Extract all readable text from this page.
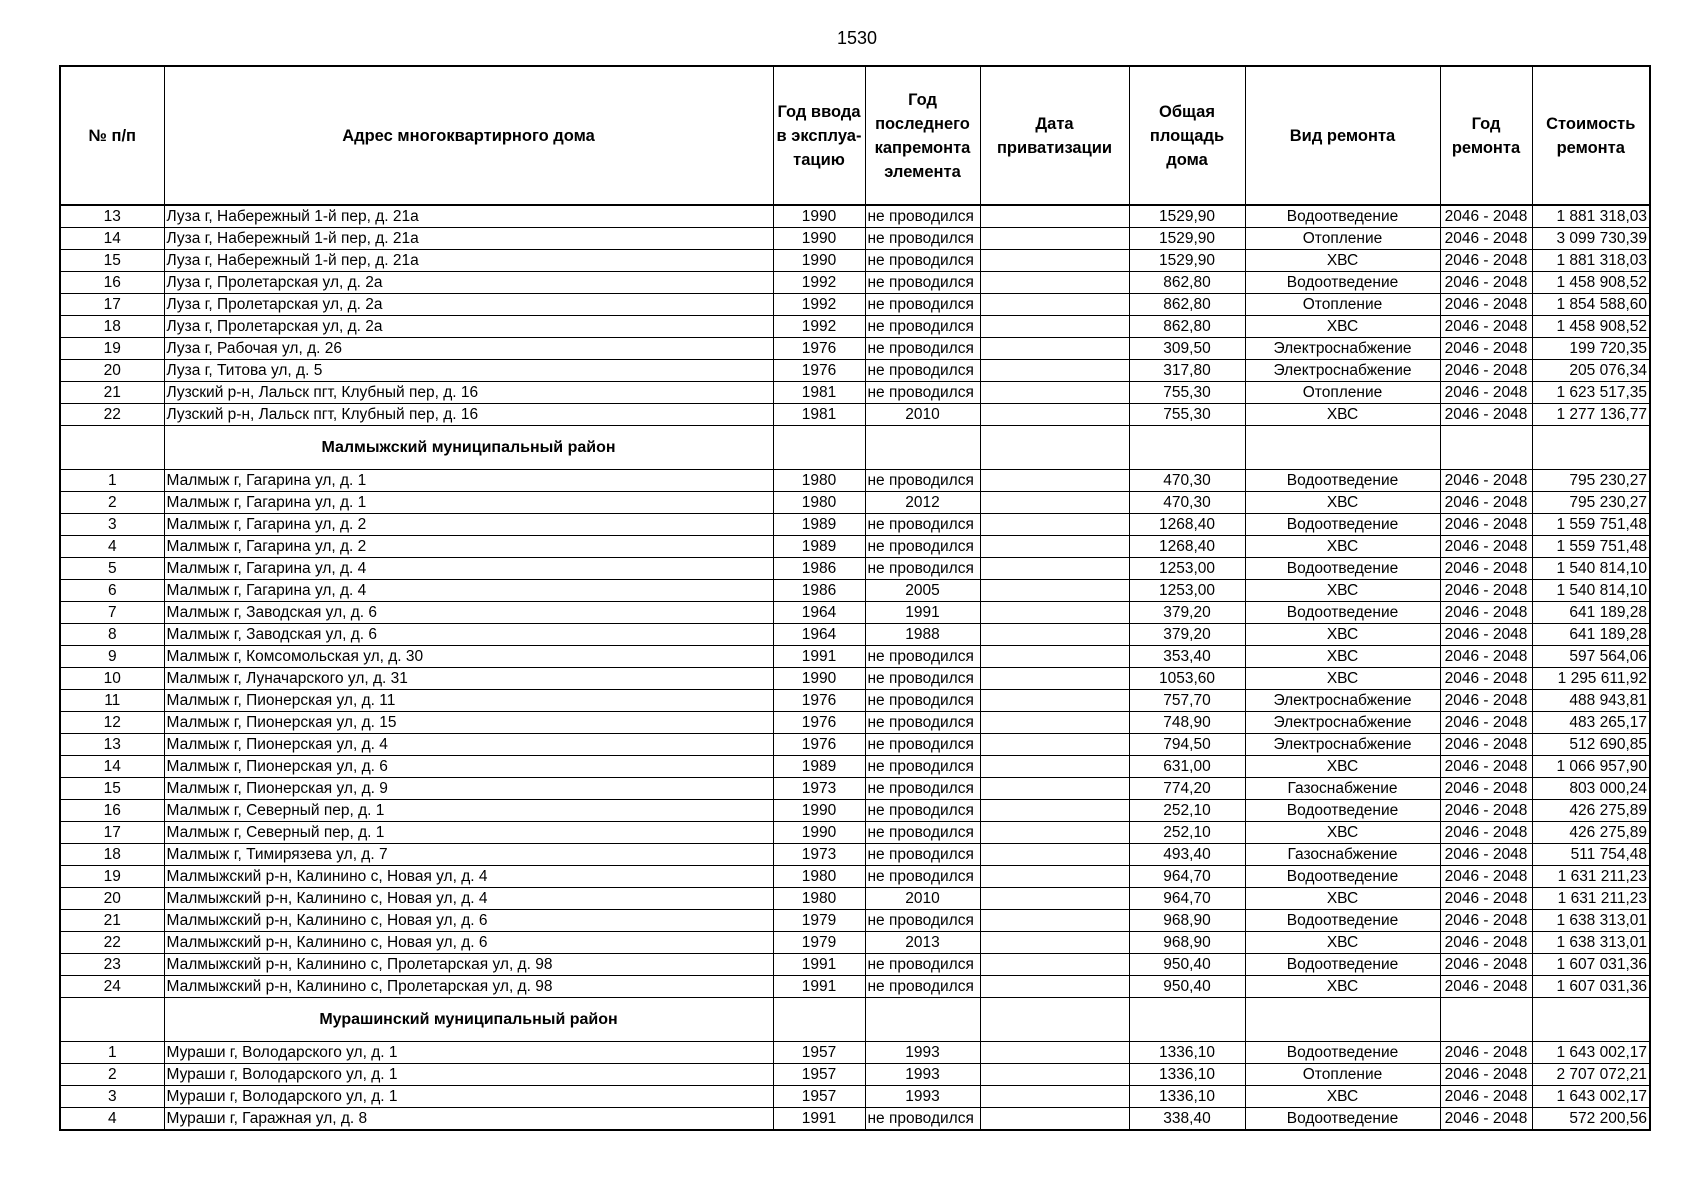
1530
№ п/п	Адрес многоквартирного дома	Год ввода в эксплуа-тацию	Год последнего капремонта элемента	Дата приватизации	Общая площадь дома	Вид ремонта	Год ремонта	Стоимость ремонта
13	Луза г, Набережный 1-й пер, д. 21а	1990	не проводился		1529,90	Водоотведение	2046 - 2048	1 881 318,03
14	Луза г, Набережный 1-й пер, д. 21а	1990	не проводился		1529,90	Отопление	2046 - 2048	3 099 730,39
15	Луза г, Набережный 1-й пер, д. 21а	1990	не проводился		1529,90	ХВС	2046 - 2048	1 881 318,03
16	Луза г, Пролетарская ул, д. 2а	1992	не проводился		862,80	Водоотведение	2046 - 2048	1 458 908,52
17	Луза г, Пролетарская ул, д. 2а	1992	не проводился		862,80	Отопление	2046 - 2048	1 854 588,60
18	Луза г, Пролетарская ул, д. 2а	1992	не проводился		862,80	ХВС	2046 - 2048	1 458 908,52
19	Луза г, Рабочая ул, д. 26	1976	не проводился		309,50	Электроснабжение	2046 - 2048	199 720,35
20	Луза г, Титова ул, д. 5	1976	не проводился		317,80	Электроснабжение	2046 - 2048	205 076,34
21	Лузский р-н, Лальск пгт, Клубный пер, д. 16	1981	не проводился		755,30	Отопление	2046 - 2048	1 623 517,35
22	Лузский р-н, Лальск пгт, Клубный пер, д. 16	1981	2010		755,30	ХВС	2046 - 2048	1 277 136,77
	Малмыжский муниципальный район							
1	Малмыж г, Гагарина ул, д. 1	1980	не проводился		470,30	Водоотведение	2046 - 2048	795 230,27
2	Малмыж г, Гагарина ул, д. 1	1980	2012		470,30	ХВС	2046 - 2048	795 230,27
3	Малмыж г, Гагарина ул, д. 2	1989	не проводился		1268,40	Водоотведение	2046 - 2048	1 559 751,48
4	Малмыж г, Гагарина ул, д. 2	1989	не проводился		1268,40	ХВС	2046 - 2048	1 559 751,48
5	Малмыж г, Гагарина ул, д. 4	1986	не проводился		1253,00	Водоотведение	2046 - 2048	1 540 814,10
6	Малмыж г, Гагарина ул, д. 4	1986	2005		1253,00	ХВС	2046 - 2048	1 540 814,10
7	Малмыж г, Заводская ул, д. 6	1964	1991		379,20	Водоотведение	2046 - 2048	641 189,28
8	Малмыж г, Заводская ул, д. 6	1964	1988		379,20	ХВС	2046 - 2048	641 189,28
9	Малмыж г, Комсомольская ул, д. 30	1991	не проводился		353,40	ХВС	2046 - 2048	597 564,06
10	Малмыж г, Луначарского ул, д. 31	1990	не проводился		1053,60	ХВС	2046 - 2048	1 295 611,92
11	Малмыж г, Пионерская ул, д. 11	1976	не проводился		757,70	Электроснабжение	2046 - 2048	488 943,81
12	Малмыж г, Пионерская ул, д. 15	1976	не проводился		748,90	Электроснабжение	2046 - 2048	483 265,17
13	Малмыж г, Пионерская ул, д. 4	1976	не проводился		794,50	Электроснабжение	2046 - 2048	512 690,85
14	Малмыж г, Пионерская ул, д. 6	1989	не проводился		631,00	ХВС	2046 - 2048	1 066 957,90
15	Малмыж г, Пионерская ул, д. 9	1973	не проводился		774,20	Газоснабжение	2046 - 2048	803 000,24
16	Малмыж г, Северный пер, д. 1	1990	не проводился		252,10	Водоотведение	2046 - 2048	426 275,89
17	Малмыж г, Северный пер, д. 1	1990	не проводился		252,10	ХВС	2046 - 2048	426 275,89
18	Малмыж г, Тимирязева ул, д. 7	1973	не проводился		493,40	Газоснабжение	2046 - 2048	511 754,48
19	Малмыжский р-н, Калинино с, Новая ул, д. 4	1980	не проводился		964,70	Водоотведение	2046 - 2048	1 631 211,23
20	Малмыжский р-н, Калинино с, Новая ул, д. 4	1980	2010		964,70	ХВС	2046 - 2048	1 631 211,23
21	Малмыжский р-н, Калинино с, Новая ул, д. 6	1979	не проводился		968,90	Водоотведение	2046 - 2048	1 638 313,01
22	Малмыжский р-н, Калинино с, Новая ул, д. 6	1979	2013		968,90	ХВС	2046 - 2048	1 638 313,01
23	Малмыжский р-н, Калинино с, Пролетарская ул, д. 98	1991	не проводился		950,40	Водоотведение	2046 - 2048	1 607 031,36
24	Малмыжский р-н, Калинино с, Пролетарская ул, д. 98	1991	не проводился		950,40	ХВС	2046 - 2048	1 607 031,36
	Мурашинский муниципальный район							
1	Мураши г, Володарского ул, д. 1	1957	1993		1336,10	Водоотведение	2046 - 2048	1 643 002,17
2	Мураши г, Володарского ул, д. 1	1957	1993		1336,10	Отопление	2046 - 2048	2 707 072,21
3	Мураши г, Володарского ул, д. 1	1957	1993		1336,10	ХВС	2046 - 2048	1 643 002,17
4	Мураши г, Гаражная ул, д. 8	1991	не проводился		338,40	Водоотведение	2046 - 2048	572 200,56
